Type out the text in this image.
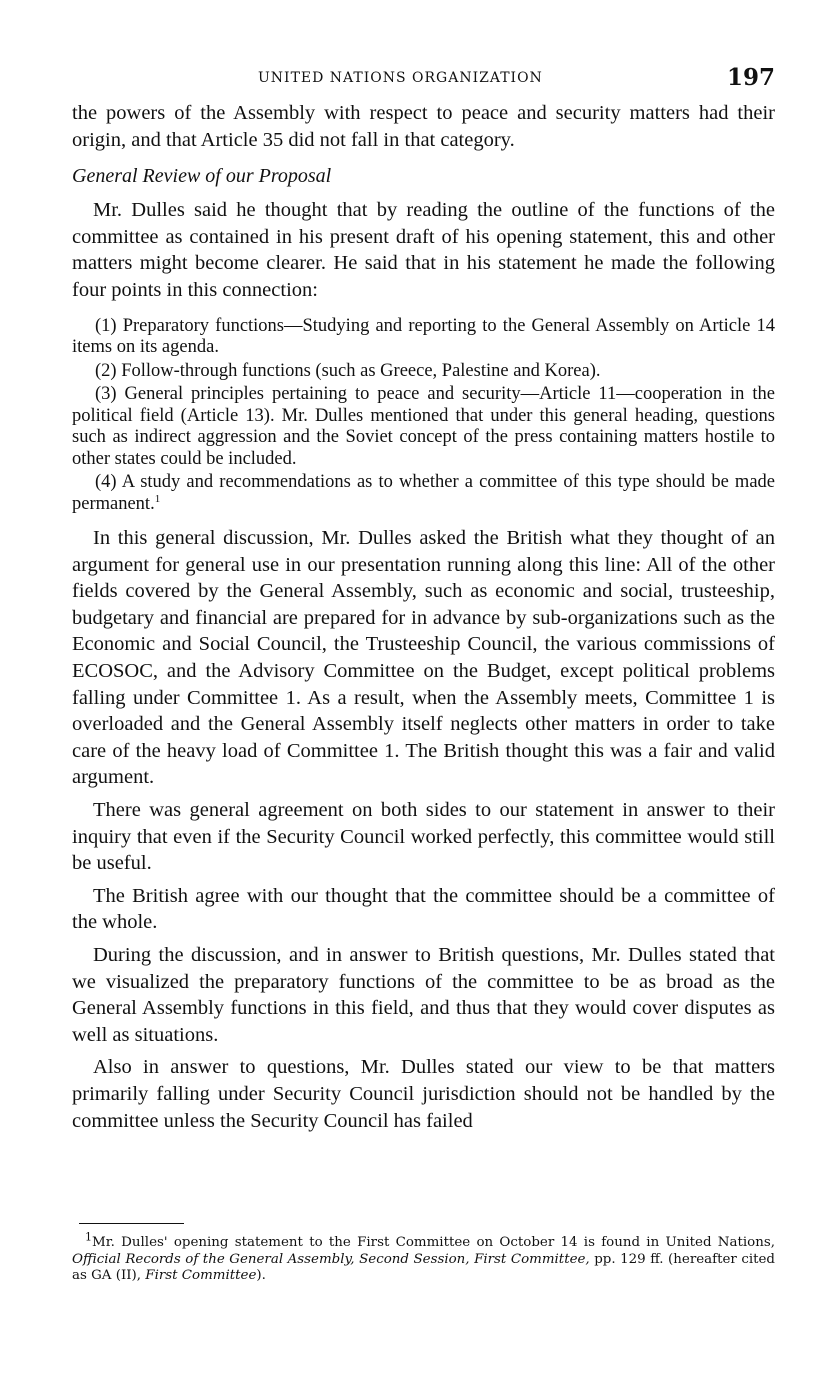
UNITED NATIONS ORGANIZATION	197

the powers of the Assembly with respect to peace and security matters had their origin, and that Article 35 did not fall in that category.

General Review of our Proposal

Mr. Dulles said he thought that by reading the outline of the functions of the committee as contained in his present draft of his opening statement, this and other matters might become clearer. He said that in his statement he made the following four points in this connection:

(1) Preparatory functions—Studying and reporting to the General Assembly on Article 14 items on its agenda.

(2) Follow-through functions (such as Greece, Palestine and Korea).

(3) General principles pertaining to peace and security—Article 11—cooperation in the political field (Article 13). Mr. Dulles mentioned that under this general heading, questions such as indirect aggression and the Soviet concept of the press containing matters hostile to other states could be included.

(4) A study and recommendations as to whether a committee of this type should be made permanent.$^1$

In this general discussion, Mr. Dulles asked the British what they thought of an argument for general use in our presentation running along this line: All of the other fields covered by the General Assembly, such as economic and social, trusteeship, budgetary and financial are prepared for in advance by sub-organizations such as the Economic and Social Council, the Trusteeship Council, the various commissions of ECOSOC, and the Advisory Committee on the Budget, except political problems falling under Committee 1. As a result, when the Assembly meets, Committee 1 is overloaded and the General Assembly itself neglects other matters in order to take care of the heavy load of Committee 1. The British thought this was a fair and valid argument.

There was general agreement on both sides to our statement in answer to their inquiry that even if the Security Council worked perfectly, this committee would still be useful.

The British agree with our thought that the committee should be a committee of the whole.

During the discussion, and in answer to British questions, Mr. Dulles stated that we visualized the preparatory functions of the committee to be as broad as the General Assembly functions in this field, and thus that they would cover disputes as well as situations.

Also in answer to questions, Mr. Dulles stated our view to be that matters primarily falling under Security Council jurisdiction should not be handled by the committee unless the Security Council has failed

$^1$Mr. Dulles' opening statement to the First Committee on October 14 is found in United Nations, Official Records of the General Assembly, Second Session, First Committee, pp. 129 ff. (hereafter cited as GA (II), First Committee).
